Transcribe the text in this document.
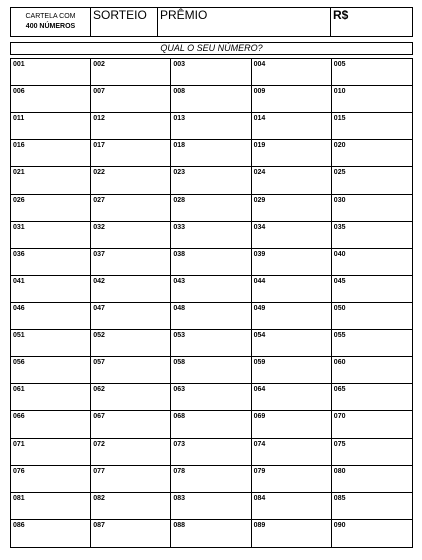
CARTELA COM
400 NÚMEROS
SORTEIO	PRÊMIO	R$
QUAL O SEU NÚMERO?
001	002	003	004	005
006	007	008	009	010
011	012	013	014	015
016	017	018	019	020
021	022	023	024	025
026	027	028	029	030
031	032	033	034	035
036	037	038	039	040
041	042	043	044	045
046	047	048	049	050
051	052	053	054	055
056	057	058	059	060
061	062	063	064	065
066	067	068	069	070
071	072	073	074	075
076	077	078	079	080
081	082	083	084	085
086	087	088	089	090
